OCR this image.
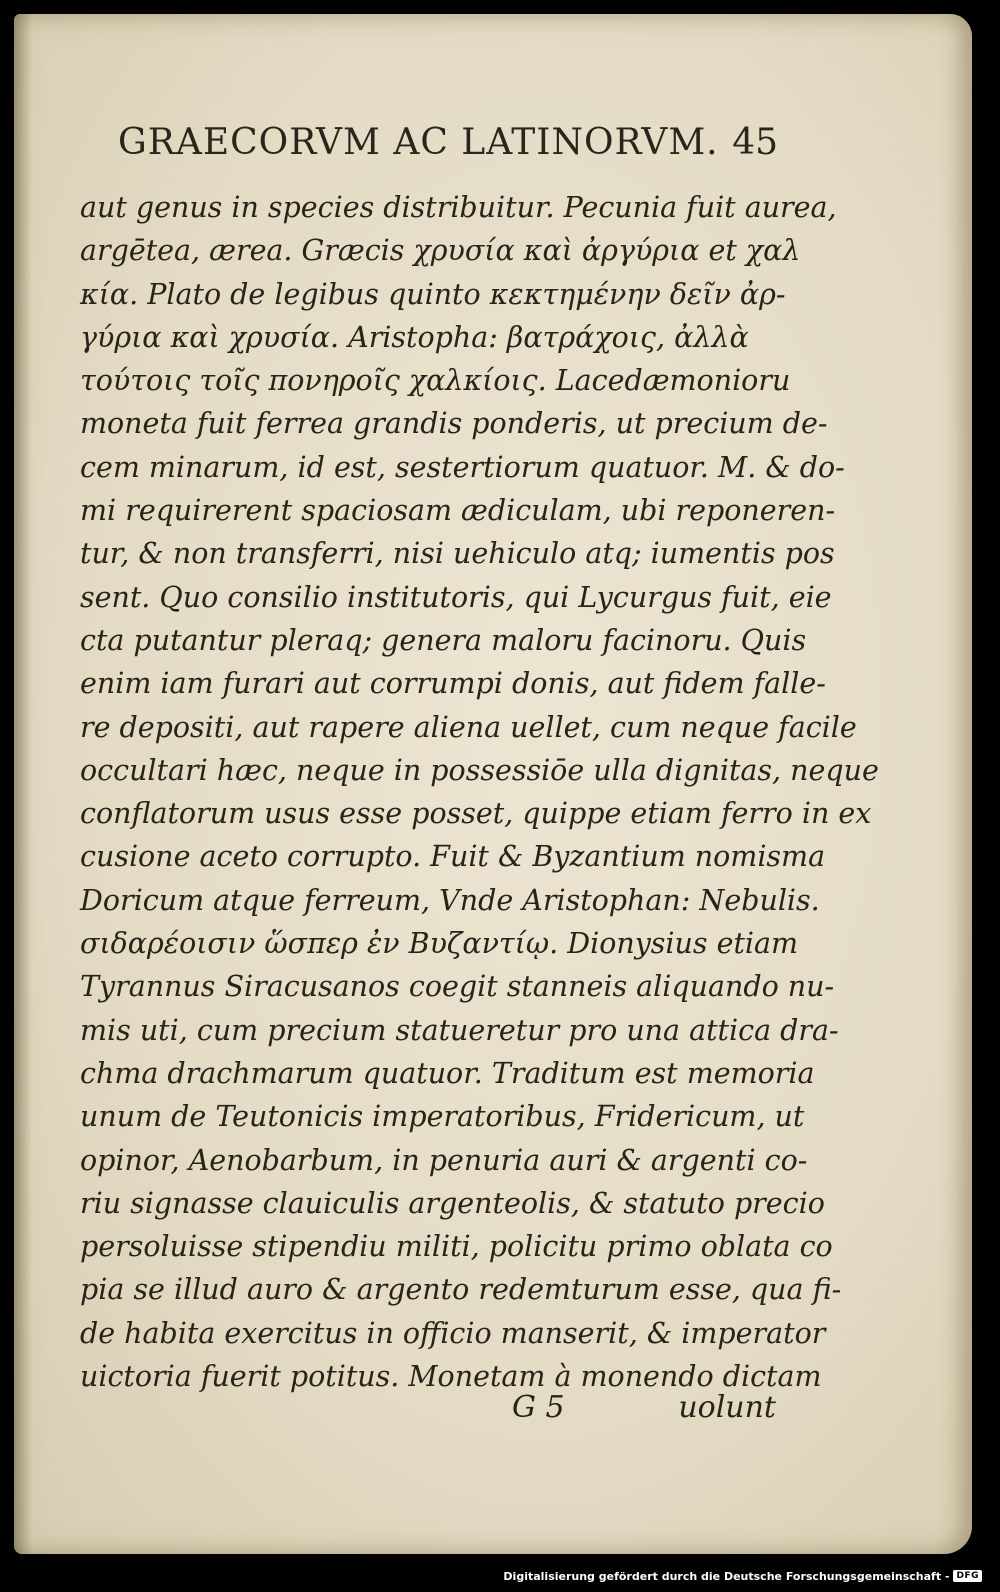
GRAECORVM AC LATINORVM. 45
aut genus in species distribuitur. Pecunia fuit aurea,
argētea, ærea. Græcis χρυσία καὶ ἀργύρια et χαλ
κία. Plato de legibus quinto κεκτημένην δεῖν ἀρ-
γύρια καὶ χρυσία. Aristopha: βατράχοις, ἀλλὰ
τούτοις τοῖς πονηροῖς χαλκίοις. Lacedæmonioru
moneta fuit ferrea grandis ponderis, ut precium de-
cem minarum, id est, sestertiorum quatuor. M. & do-
mi requirerent spaciosam ædiculam, ubi reponeren-
tur, & non transferri, nisi uehiculo atq; iumentis pos
sent. Quo consilio institutoris, qui Lycurgus fuit, eie
cta putantur pleraq; genera maloru facinoru. Quis
enim iam furari aut corrumpi donis, aut fidem falle-
re depositi, aut rapere aliena uellet, cum neque facile
occultari hæc, neque in possessiōe ulla dignitas, neque
conflatorum usus esse posset, quippe etiam ferro in ex
cusione aceto corrupto. Fuit & Byzantium nomisma
Doricum atque ferreum, Vnde Aristophan: Nebulis.
σιδαρέοισιν ὥσπερ ἐν Βυζαντίῳ. Dionysius etiam
Tyrannus Siracusanos coegit stanneis aliquando nu-
mis uti, cum precium statueretur pro una attica dra-
chma drachmarum quatuor. Traditum est memoria
unum de Teutonicis imperatoribus, Fridericum, ut
opinor, Aenobarbum, in penuria auri & argenti co-
riu signasse clauiculis argenteolis, & statuto precio
persoluisse stipendiu militi, policitu primo oblata co
pia se illud auro & argento redemturum esse, qua fi-
de habita exercitus in officio manserit, & imperator
uictoria fuerit potitus. Monetam à monendo dictam
G 5	uolunt
Digitalisierung gefördert durch die Deutsche Forschungsgemeinschaft - DFG
